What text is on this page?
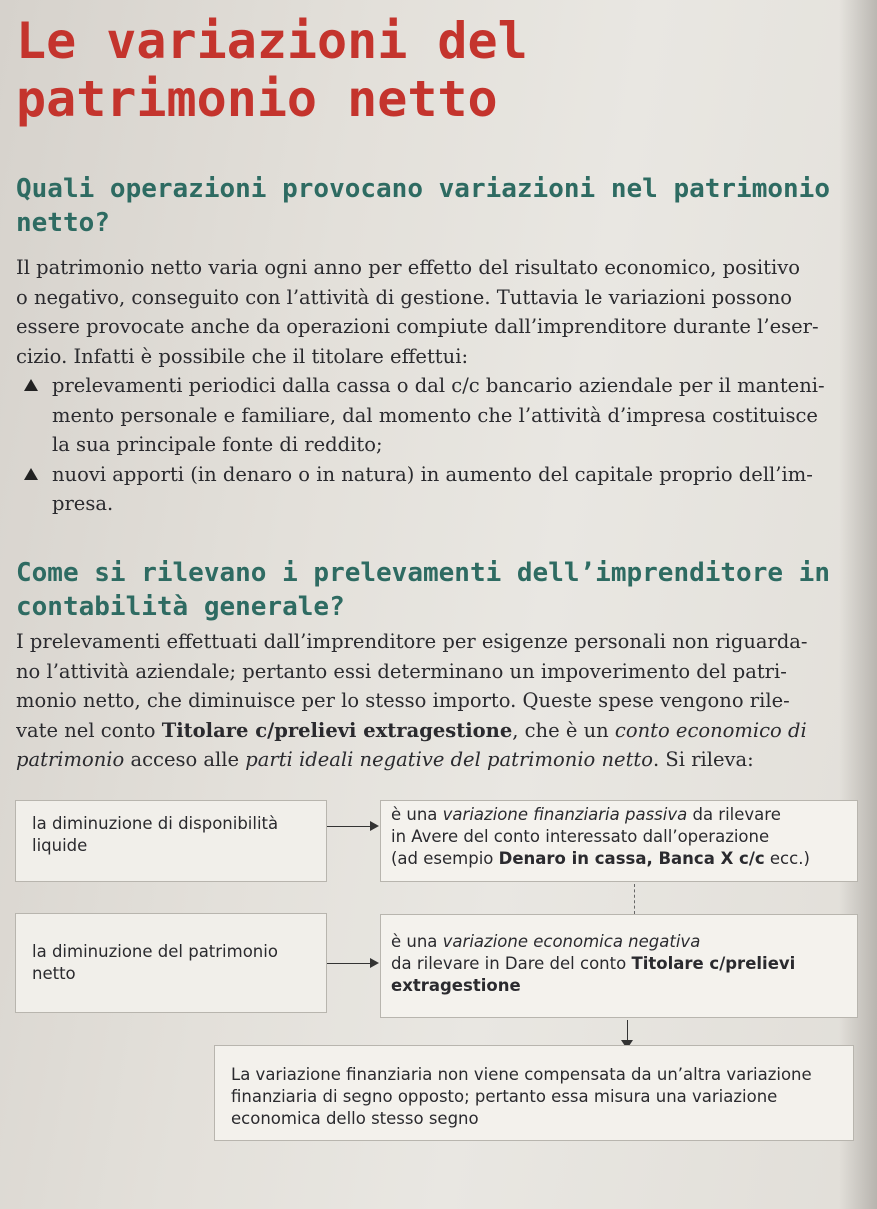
Le variazioni del patrimonio netto
Quali operazioni provocano variazioni nel patrimonio netto?
Il patrimonio netto varia ogni anno per effetto del risultato economico, positivo
o negativo, conseguito con l’attività di gestione. Tuttavia le variazioni possono
essere provocate anche da operazioni compiute dall’imprenditore durante l’eser-
cizio. Infatti è possibile che il titolare effettui:
prelevamenti periodici dalla cassa o dal c/c bancario aziendale per il manteni-
mento personale e familiare, dal momento che l’attività d’impresa costituisce
la sua principale fonte di reddito;
nuovi apporti (in denaro o in natura) in aumento del capitale proprio dell’im-
presa.
Come si rilevano i prelevamenti dell’imprenditore in contabilità generale?
I prelevamenti effettuati dall’imprenditore per esigenze personali non riguarda-
no l’attività aziendale; pertanto essi determinano un impoverimento del patri-
monio netto, che diminuisce per lo stesso importo. Queste spese vengono rile-
vate nel conto Titolare c/prelievi extragestione, che è un conto economico di
patrimonio acceso alle parti ideali negative del patrimonio netto. Si rileva:
la diminuzione di disponibilità
liquide
è una variazione finanziaria passiva da rilevare
in Avere del conto interessato dall’operazione
(ad esempio Denaro in cassa, Banca X c/c ecc.)
la diminuzione del patrimonio
netto
è una variazione economica negativa
da rilevare in Dare del conto Titolare c/prelievi
extragestione
La variazione finanziaria non viene compensata da un’altra variazione
finanziaria di segno opposto; pertanto essa misura una variazione
economica dello stesso segno
